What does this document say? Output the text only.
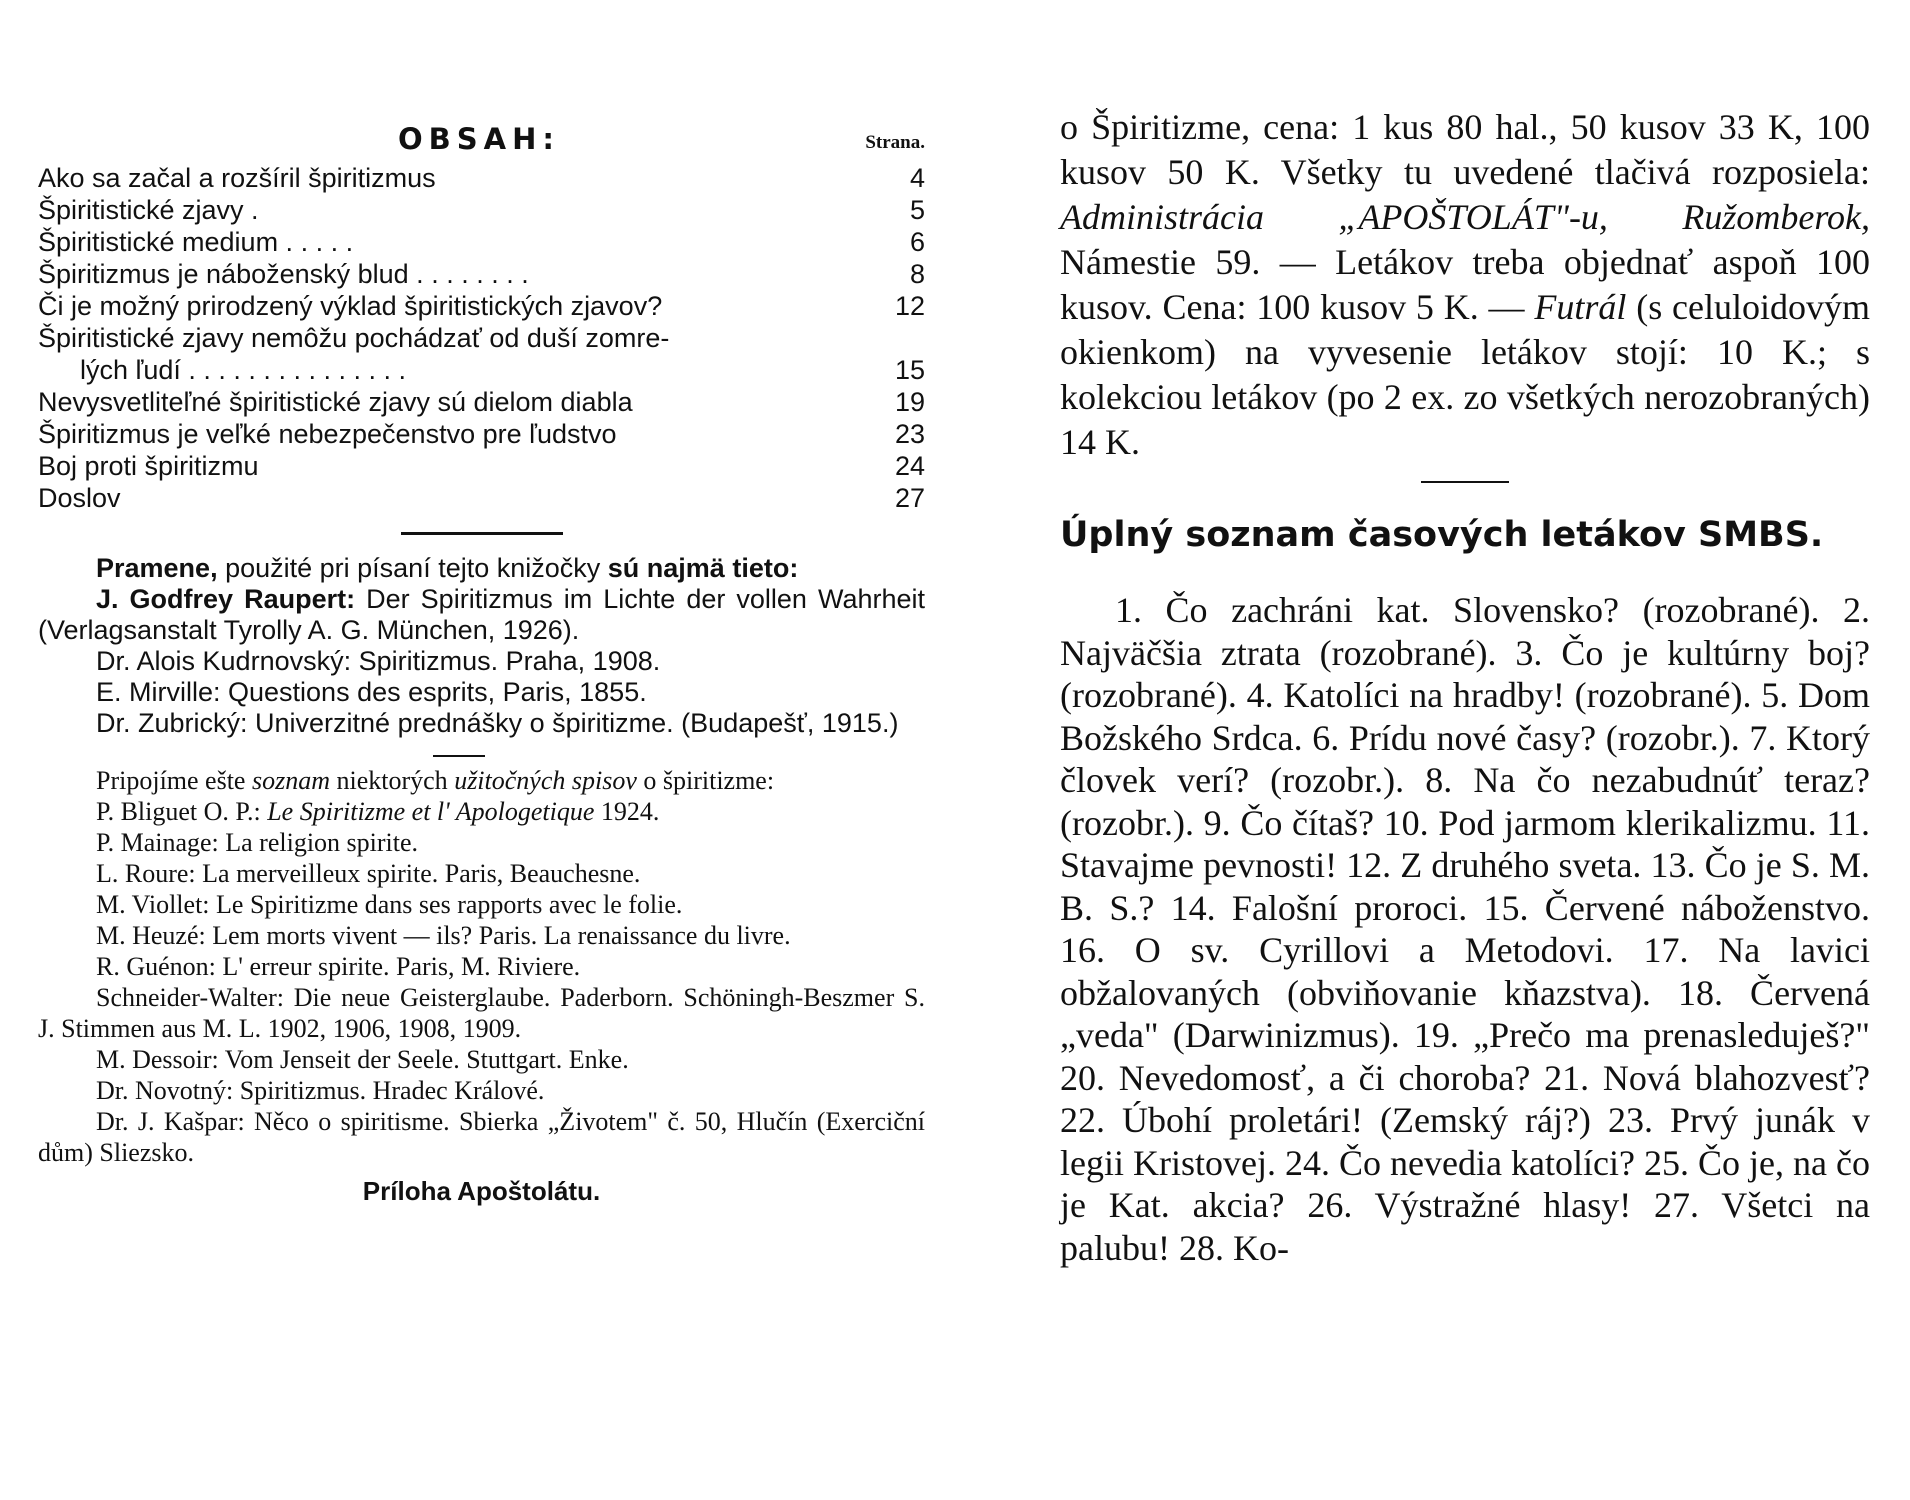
OBSAH:	Strana.
Ako sa začal a rozšíril špiritizmus	4
Špiritistické zjavy .	5
Špiritistické medium . . . . .	6
Špiritizmus je náboženský blud . . . . . . . .	8
Či je možný prirodzený výklad špiritistických zjavov?	12
Špiritistické zjavy nemôžu pochádzať od duší zomre-
lých ľudí . . . . . . . . . . . . . . .	15
Nevysvetliteľné špiritistické zjavy sú dielom diabla	19
Špiritizmus je veľké nebezpečenstvo pre ľudstvo	23
Boj proti špiritizmu	24
Doslov	27

Pramene, použité pri písaní tejto knižočky sú najmä tieto:

J. Godfrey Raupert: Der Spiritizmus im Lichte der vollen Wahrheit (Verlagsanstalt Tyrolly A. G. München, 1926).

Dr. Alois Kudrnovský: Spiritizmus. Praha, 1908.

E. Mirville: Questions des esprits, Paris, 1855.

Dr. Zubrický: Univerzitné prednášky o špiritizme. (Budapešť, 1915.)

Pripojíme ešte soznam niektorých užitočných spisov o špiritizme:

P. Bliguet O. P.: Le Spiritizme et l' Apologetique 1924.

P. Mainage: La religion spirite.

L. Roure: La merveilleux spirite. Paris, Beauchesne.

M. Viollet: Le Spiritizme dans ses rapports avec le folie.

M. Heuzé: Lem morts vivent — ils? Paris. La renaissance du livre.

R. Guénon: L' erreur spirite. Paris, M. Riviere.

Schneider-Walter: Die neue Geisterglaube. Paderborn. Schöningh-Beszmer S. J. Stimmen aus M. L. 1902, 1906, 1908, 1909.

M. Dessoir: Vom Jenseit der Seele. Stuttgart. Enke.

Dr. Novotný: Spiritizmus. Hradec Králové.

Dr. J. Kašpar: Něco o spiritisme. Sbierka „Životem" č. 50, Hlučín (Exerciční dům) Sliezsko.

Príloha Apoštolátu.

o Špiritizme, cena: 1 kus 80 hal., 50 kusov 33 K, 100 kusov 50 K. Všetky tu uvedené tlačivá rozposiela: Administrácia „APOŠTOLÁT"-u, Ružomberok, Námestie 59. — Letákov treba objednať aspoň 100 kusov. Cena: 100 kusov 5 K. — Futrál (s celuloidovým okienkom) na vyvesenie letákov stojí: 10 K.; s kolekciou letákov (po 2 ex. zo všetkých nerozobraných) 14 K.

Úplný soznam časových letákov SMBS.

1. Čo zachráni kat. Slovensko? (rozobrané). 2. Najväčšia ztrata (rozobrané). 3. Čo je kultúrny boj? (rozobrané). 4. Katolíci na hradby! (rozobrané). 5. Dom Božského Srdca. 6. Prídu nové časy? (rozobr.). 7. Ktorý človek verí? (rozobr.). 8. Na čo nezabudnúť teraz? (rozobr.). 9. Čo čítaš? 10. Pod jarmom klerikalizmu. 11. Stavajme pevnosti! 12. Z druhého sveta. 13. Čo je S. M. B. S.? 14. Falošní proroci. 15. Červené náboženstvo. 16. O sv. Cyrillovi a Metodovi. 17. Na lavici obžalovaných (obviňovanie kňazstva). 18. Červená „veda" (Darwinizmus). 19. „Prečo ma prenasleduješ?" 20. Nevedomosť, a či choroba? 21. Nová blahozvesť? 22. Úbohí proletári! (Zemský ráj?) 23. Prvý junák v legii Kristovej. 24. Čo nevedia katolíci? 25. Čo je, na čo je Kat. akcia? 26. Výstražné hlasy! 27. Všetci na palubu! 28. Ko-
